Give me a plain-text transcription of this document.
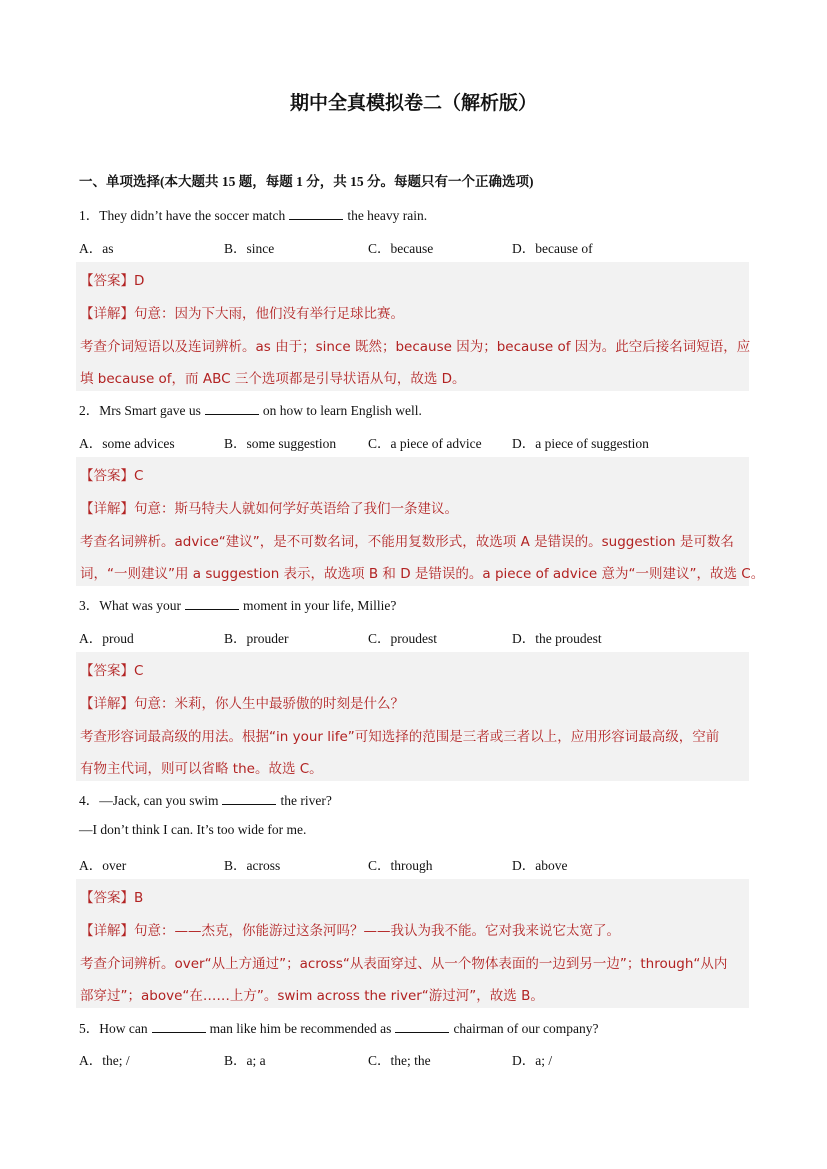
期中全真模拟卷二（解析版）
一、单项选择(本大题共 15 题，每题 1 分，共 15 分。每题只有一个正确选项)
1．They didn’t have the soccer match	the heavy rain.
A．as	B．since	C．because	D．because of
【答案】D
【详解】句意：因为下大雨，他们没有举行足球比赛。
考查介词短语以及连词辨析。as 由于；since 既然；because 因为；because of 因为。此空后接名词短语，应
填 because of，而 ABC 三个选项都是引导状语从句，故选 D。
2．Mrs Smart gave us	on how to learn English well.
A．some advices	B．some suggestion C．a piece of advice D．a piece of suggestion
【答案】C
【详解】句意：斯马特夫人就如何学好英语给了我们一条建议。
考查名词辨析。advice“建议”，是不可数名词，不能用复数形式，故选项 A 是错误的。suggestion 是可数名
词，“一则建议”用 a suggestion 表示，故选项 B 和 D 是错误的。a piece of advice 意为“一则建议”，故选 C。
3．What was your	moment in your life, Millie?
A．proud	B．prouder	C．proudest	D．the proudest
【答案】C
【详解】句意：米莉，你人生中最骄傲的时刻是什么？
考查形容词最高级的用法。根据“in your life”可知选择的范围是三者或三者以上，应用形容词最高级，空前
有物主代词，则可以省略 the。故选 C。
4．—Jack, can you swim	the river?
—I don’t think I can. It’s too wide for me.
A．over	B．across	C．through	D．above
【答案】B
【详解】句意：——杰克，你能游过这条河吗？——我认为我不能。它对我来说它太宽了。
考查介词辨析。over“从上方通过”；across“从表面穿过、从一个物体表面的一边到另一边”；through“从内
部穿过”；above“在……上方”。swim across the river“游过河”，故选 B。
5．How can	man like him be recommended as	chairman of our company?
A．the; /	B．a; a	C．the; the	D．a; /
